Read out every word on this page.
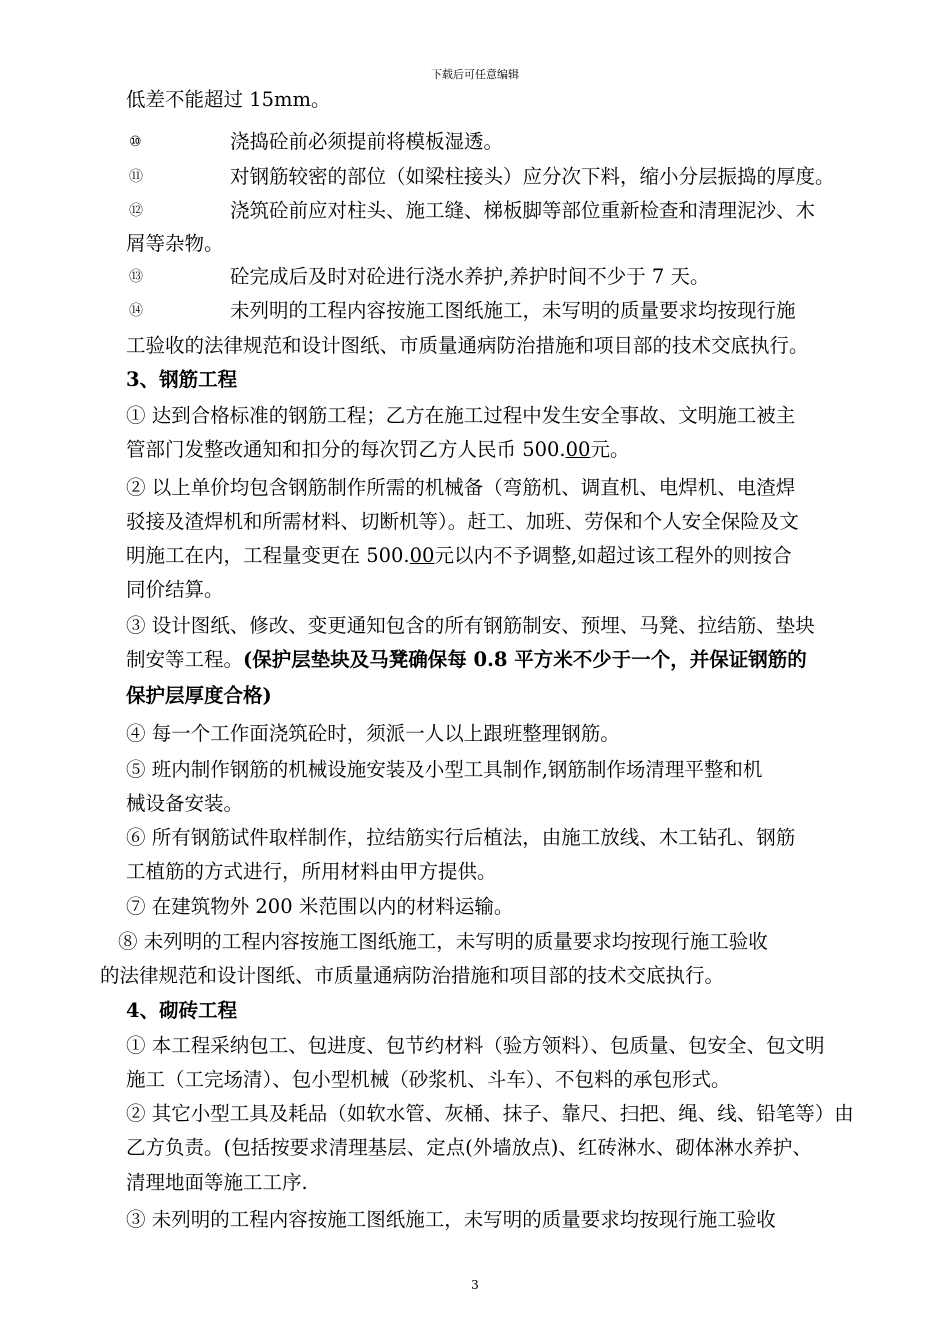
下载后可任意编辑
低差不能超过 15mm。
⑩	浇捣砼前必须提前将模板湿透。
⑪	对钢筋较密的部位（如梁柱接头）应分次下料，缩小分层振捣的厚度。
⑫	浇筑砼前应对柱头、施工缝、梯板脚等部位重新检查和清理泥沙、木
屑等杂物。
⑬	砼完成后及时对砼进行浇水养护,养护时间不少于 7 天。
⑭	未列明的工程内容按施工图纸施工，未写明的质量要求均按现行施
工验收的法律规范和设计图纸、市质量通病防治措施和项目部的技术交底执行。
3、钢筋工程
① 达到合格标准的钢筋工程；乙方在施工过程中发生安全事故、文明施工被主
管部门发整改通知和扣分的每次罚乙方人民币 500.00元。
② 以上单价均包含钢筋制作所需的机械备（弯筋机、调直机、电焊机、电渣焊
驳接及渣焊机和所需材料、切断机等）。赶工、加班、劳保和个人安全保险及文
明施工在内，工程量变更在 500.00元以内不予调整,如超过该工程外的则按合
同价结算。
③ 设计图纸、修改、变更通知包含的所有钢筋制安、预埋、马凳、拉结筋、垫块
制安等工程。(保护层垫块及马凳确保每 0.8 平方米不少于一个，并保证钢筋的
保护层厚度合格)
④ 每一个工作面浇筑砼时，须派一人以上跟班整理钢筋。
⑤ 班内制作钢筋的机械设施安装及小型工具制作,钢筋制作场清理平整和机
械设备安装。
⑥ 所有钢筋试件取样制作，拉结筋实行后植法，由施工放线、木工钻孔、钢筋
工植筋的方式进行，所用材料由甲方提供。
⑦ 在建筑物外 200 米范围以内的材料运输。
⑧ 未列明的工程内容按施工图纸施工，未写明的质量要求均按现行施工验收
的法律规范和设计图纸、市质量通病防治措施和项目部的技术交底执行。
4、砌砖工程
① 本工程采纳包工、包进度、包节约材料（验方领料）、包质量、包安全、包文明
施工（工完场清）、包小型机械（砂浆机、斗车）、不包料的承包形式。
② 其它小型工具及耗品（如软水管、灰桶、抹子、靠尺、扫把、绳、线、铅笔等）由
乙方负责。(包括按要求清理基层、定点(外墙放点)、红砖淋水、砌体淋水养护、
清理地面等施工工序.
③ 未列明的工程内容按施工图纸施工，未写明的质量要求均按现行施工验收
3
